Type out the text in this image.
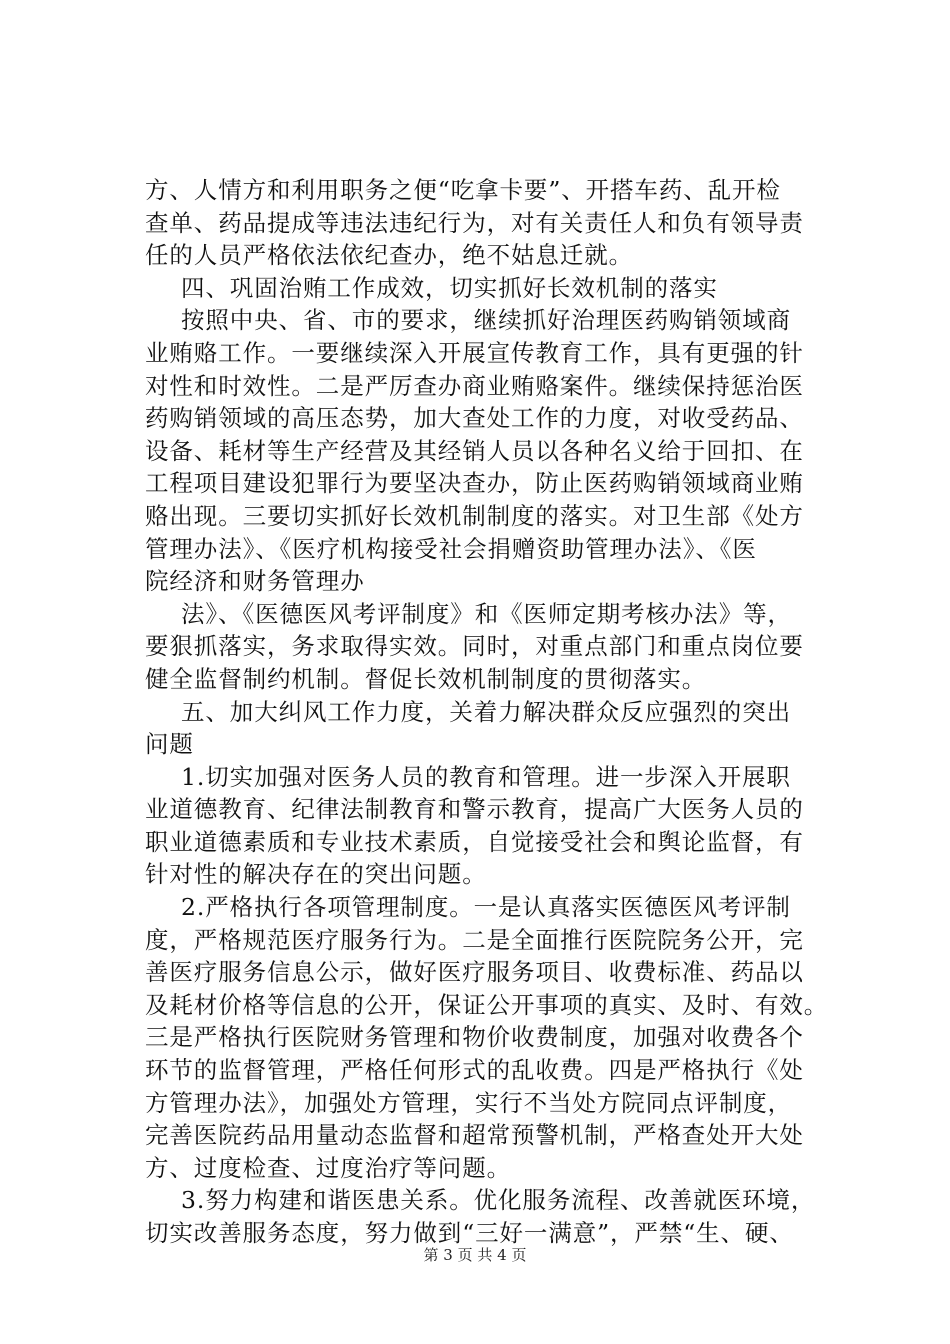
方、人情方和利用职务之便“吃拿卡要”、开搭车药、乱开检
查单、药品提成等违法违纪行为，对有关责任人和负有领导责
任的人员严格依法依纪查办，绝不姑息迁就。
四、巩固治贿工作成效，切实抓好长效机制的落实
按照中央、省、市的要求，继续抓好治理医药购销领域商
业贿赂工作。一要继续深入开展宣传教育工作，具有更强的针
对性和时效性。二是严厉查办商业贿赂案件。继续保持惩治医
药购销领域的高压态势，加大查处工作的力度，对收受药品、
设备、耗材等生产经营及其经销人员以各种名义给于回扣、在
工程项目建设犯罪行为要坚决查办，防止医药购销领域商业贿
赂出现。三要切实抓好长效机制制度的落实。对卫生部《处方
管理办法》、《医疗机构接受社会捐赠资助管理办法》、《医
院经济和财务管理办
法》、《医德医风考评制度》和《医师定期考核办法》等，
要狠抓落实，务求取得实效。同时，对重点部门和重点岗位要
健全监督制约机制。督促长效机制制度的贯彻落实。
五、加大纠风工作力度，关着力解决群众反应强烈的突出
问题
1.切实加强对医务人员的教育和管理。进一步深入开展职
业道德教育、纪律法制教育和警示教育，提高广大医务人员的
职业道德素质和专业技术素质，自觉接受社会和舆论监督，有
针对性的解决存在的突出问题。
2.严格执行各项管理制度。一是认真落实医德医风考评制
度，严格规范医疗服务行为。二是全面推行医院院务公开，完
善医疗服务信息公示，做好医疗服务项目、收费标准、药品以
及耗材价格等信息的公开，保证公开事项的真实、及时、有效。
三是严格执行医院财务管理和物价收费制度，加强对收费各个
环节的监督管理，严格任何形式的乱收费。四是严格执行《处
方管理办法》，加强处方管理，实行不当处方院同点评制度，
完善医院药品用量动态监督和超常预警机制，严格查处开大处
方、过度检查、过度治疗等问题。
3.努力构建和谐医患关系。优化服务流程、改善就医环境，
切实改善服务态度，努力做到“三好一满意”，严禁“生、硬、
第 3 页 共 4 页
